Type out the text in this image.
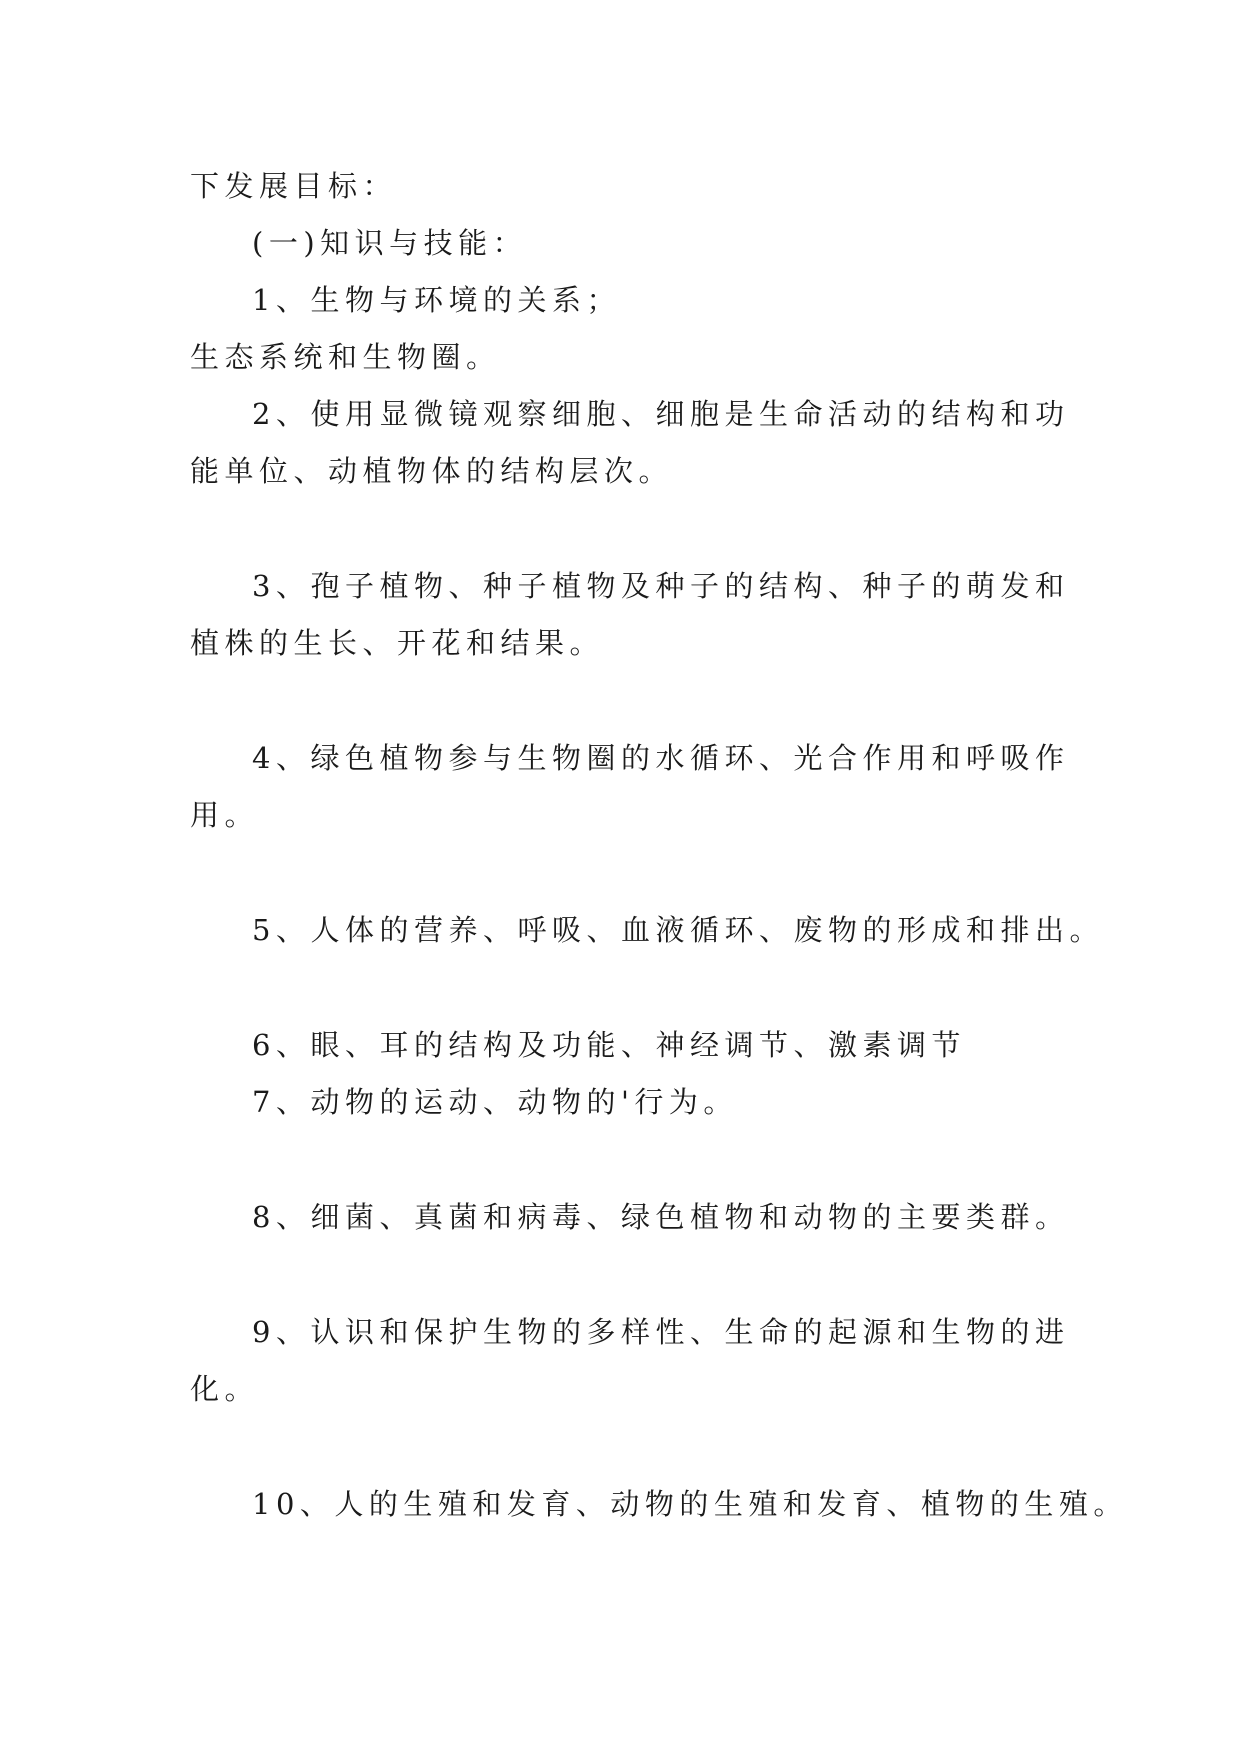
下发展目标：
(一)知识与技能：
1、生物与环境的关系；
生态系统和生物圈。
2、使用显微镜观察细胞、细胞是生命活动的结构和功
能单位、动植物体的结构层次。
3、孢子植物、种子植物及种子的结构、种子的萌发和
植株的生长、开花和结果。
4、绿色植物参与生物圈的水循环、光合作用和呼吸作
用。
5、人体的营养、呼吸、血液循环、废物的形成和排出。
6、眼、耳的结构及功能、神经调节、激素调节
7、动物的运动、动物的'行为。
8、细菌、真菌和病毒、绿色植物和动物的主要类群。
9、认识和保护生物的多样性、生命的起源和生物的进
化。
10、人的生殖和发育、动物的生殖和发育、植物的生殖。
